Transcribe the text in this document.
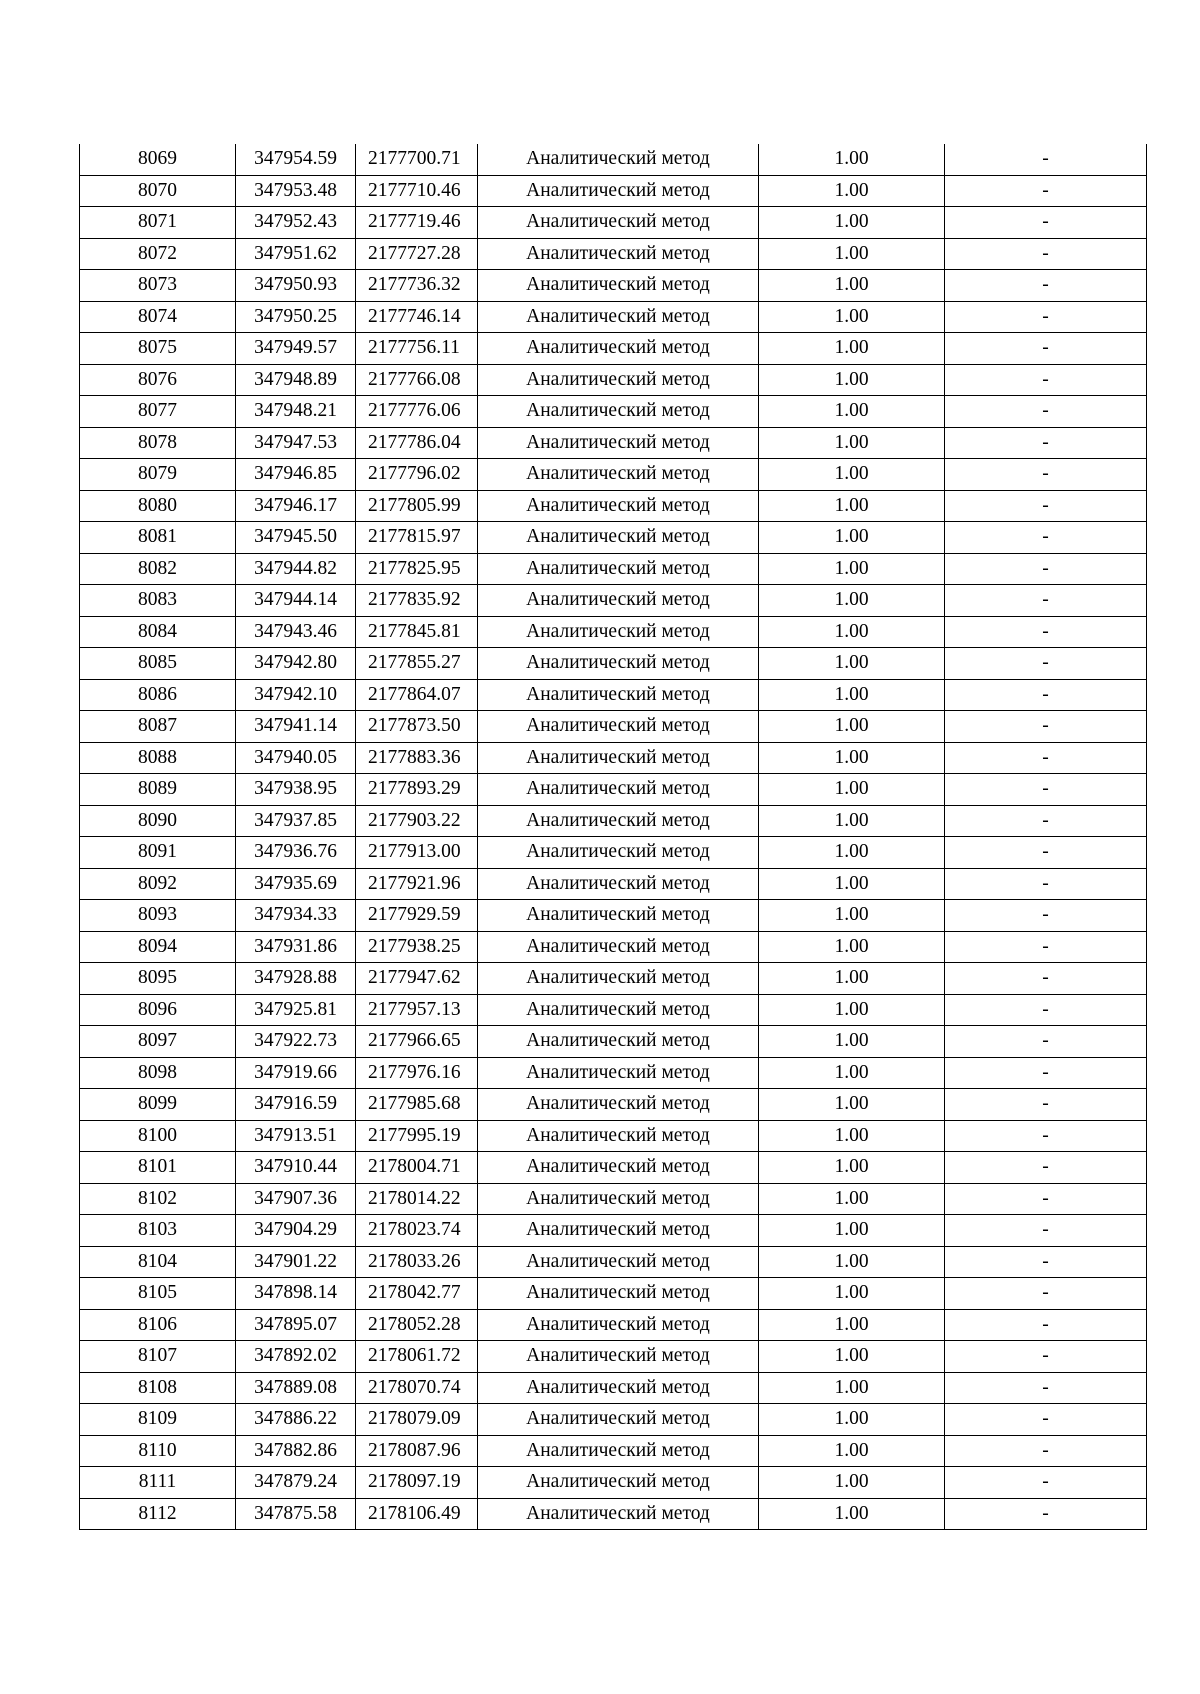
8069	347954.59	2177700.71	Аналитический метод	1.00	-
8070	347953.48	2177710.46	Аналитический метод	1.00	-
8071	347952.43	2177719.46	Аналитический метод	1.00	-
8072	347951.62	2177727.28	Аналитический метод	1.00	-
8073	347950.93	2177736.32	Аналитический метод	1.00	-
8074	347950.25	2177746.14	Аналитический метод	1.00	-
8075	347949.57	2177756.11	Аналитический метод	1.00	-
8076	347948.89	2177766.08	Аналитический метод	1.00	-
8077	347948.21	2177776.06	Аналитический метод	1.00	-
8078	347947.53	2177786.04	Аналитический метод	1.00	-
8079	347946.85	2177796.02	Аналитический метод	1.00	-
8080	347946.17	2177805.99	Аналитический метод	1.00	-
8081	347945.50	2177815.97	Аналитический метод	1.00	-
8082	347944.82	2177825.95	Аналитический метод	1.00	-
8083	347944.14	2177835.92	Аналитический метод	1.00	-
8084	347943.46	2177845.81	Аналитический метод	1.00	-
8085	347942.80	2177855.27	Аналитический метод	1.00	-
8086	347942.10	2177864.07	Аналитический метод	1.00	-
8087	347941.14	2177873.50	Аналитический метод	1.00	-
8088	347940.05	2177883.36	Аналитический метод	1.00	-
8089	347938.95	2177893.29	Аналитический метод	1.00	-
8090	347937.85	2177903.22	Аналитический метод	1.00	-
8091	347936.76	2177913.00	Аналитический метод	1.00	-
8092	347935.69	2177921.96	Аналитический метод	1.00	-
8093	347934.33	2177929.59	Аналитический метод	1.00	-
8094	347931.86	2177938.25	Аналитический метод	1.00	-
8095	347928.88	2177947.62	Аналитический метод	1.00	-
8096	347925.81	2177957.13	Аналитический метод	1.00	-
8097	347922.73	2177966.65	Аналитический метод	1.00	-
8098	347919.66	2177976.16	Аналитический метод	1.00	-
8099	347916.59	2177985.68	Аналитический метод	1.00	-
8100	347913.51	2177995.19	Аналитический метод	1.00	-
8101	347910.44	2178004.71	Аналитический метод	1.00	-
8102	347907.36	2178014.22	Аналитический метод	1.00	-
8103	347904.29	2178023.74	Аналитический метод	1.00	-
8104	347901.22	2178033.26	Аналитический метод	1.00	-
8105	347898.14	2178042.77	Аналитический метод	1.00	-
8106	347895.07	2178052.28	Аналитический метод	1.00	-
8107	347892.02	2178061.72	Аналитический метод	1.00	-
8108	347889.08	2178070.74	Аналитический метод	1.00	-
8109	347886.22	2178079.09	Аналитический метод	1.00	-
8110	347882.86	2178087.96	Аналитический метод	1.00	-
8111	347879.24	2178097.19	Аналитический метод	1.00	-
8112	347875.58	2178106.49	Аналитический метод	1.00	-
